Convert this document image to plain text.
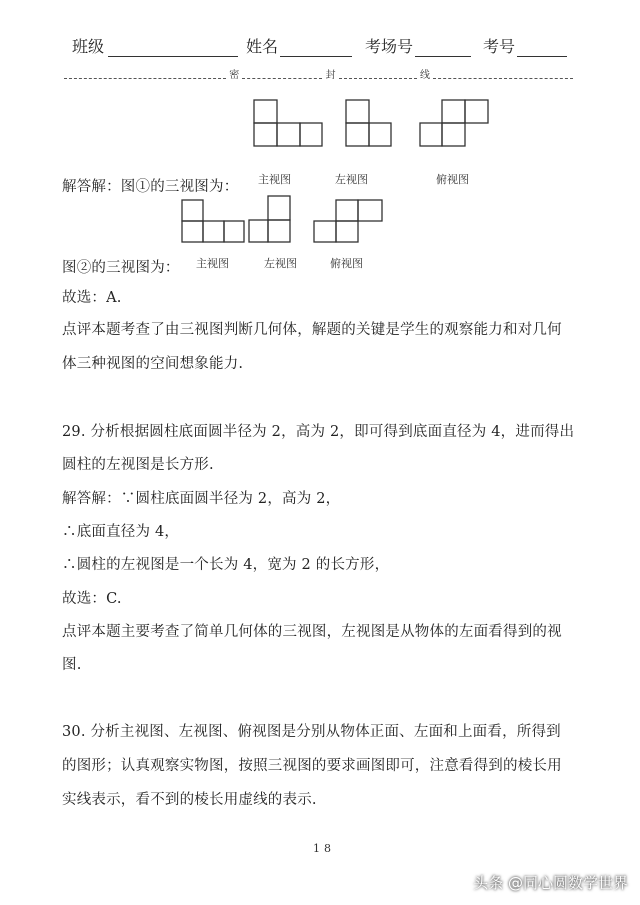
班级	姓名	考场号	考号
密	封	线
主视图	左视图	俯视图
解答解：图①的三视图为：
主视图	左视图	俯视图
图②的三视图为：
故选：A.
点评本题考查了由三视图判断几何体，解题的关键是学生的观察能力和对几何
体三种视图的空间想象能力.
29. 分析根据圆柱底面圆半径为 2，高为 2，即可得到底面直径为 4，进而得出
圆柱的左视图是长方形.
解答解：∵圆柱底面圆半径为 2，高为 2，
∴底面直径为 4，
∴圆柱的左视图是一个长为 4，宽为 2 的长方形，
故选：C.
点评本题主要考查了简单几何体的三视图，左视图是从物体的左面看得到的视
图.
30. 分析主视图、左视图、俯视图是分别从物体正面、左面和上面看，所得到
的图形；认真观察实物图，按照三视图的要求画图即可，注意看得到的棱长用
实线表示，看不到的棱长用虚线的表示.
18
头条 @同心圆数学世界
